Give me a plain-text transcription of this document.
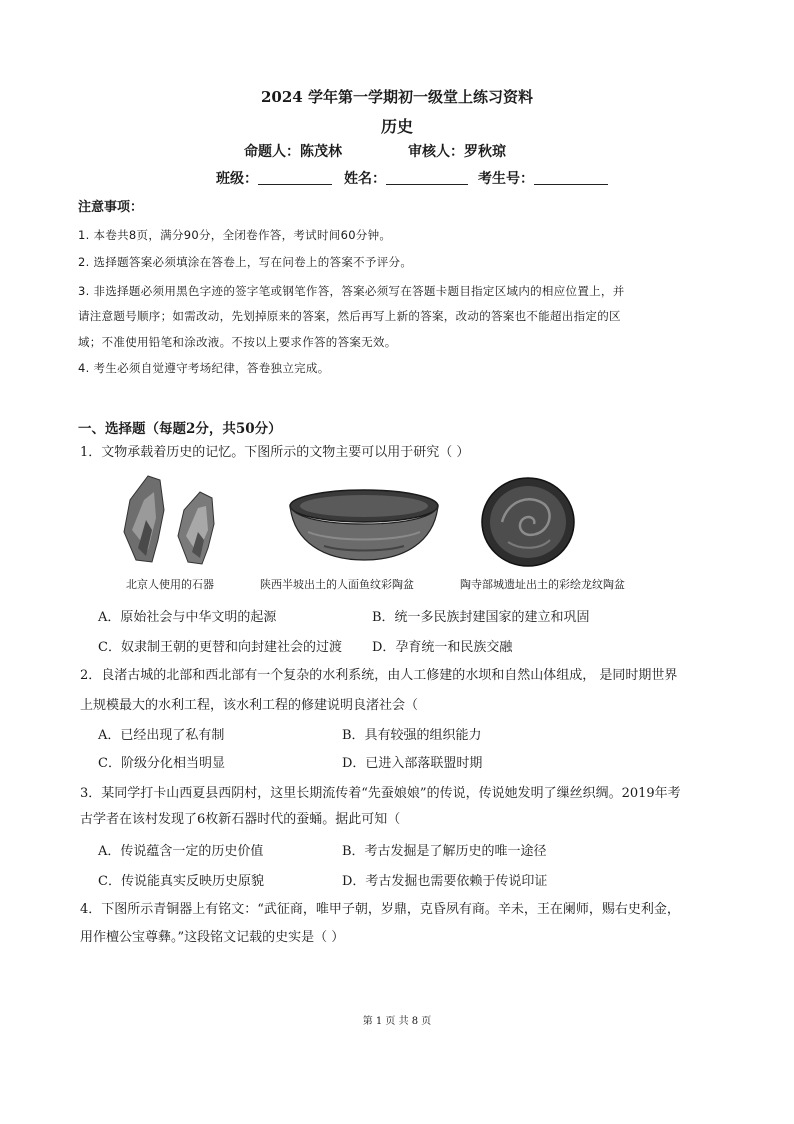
2024 学年第一学期初一级堂上练习资料
历史
命题人：陈茂林	审核人：罗秋琼
班级：	姓名：	考生号：
注意事项：
1. 本卷共8页，满分90分，全闭卷作答，考试时间60分钟。
2. 选择题答案必须填涂在答卷上，写在问卷上的答案不予评分。
3. 非选择题必须用黑色字迹的签字笔或钢笔作答，答案必须写在答题卡题目指定区域内的相应位置上，并
请注意题号顺序；如需改动，先划掉原来的答案，然后再写上新的答案，改动的答案也不能超出指定的区
域；不准使用铅笔和涂改液。不按以上要求作答的答案无效。
4. 考生必须自觉遵守考场纪律，答卷独立完成。
一、选择题（每题2分，共50分）
1．文物承载着历史的记忆。下图所示的文物主要可以用于研究（ ）
北京人使用的石器	陕西半坡出土的人面鱼纹彩陶盆	陶寺部城遗址出土的彩绘龙纹陶盆
A．原始社会与中华文明的起源	B．统一多民族封建国家的建立和巩固
C．奴隶制王朝的更替和向封建社会的过渡 D．孕育统一和民族交融
2．良渚古城的北部和西北部有一个复杂的水利系统，由人工修建的水坝和自然山体组成， 是同时期世界
上规模最大的水利工程，该水利工程的修建说明良渚社会（
A．已经出现了私有制	B．具有较强的组织能力
C．阶级分化相当明显	D．已进入部落联盟时期
3．某同学打卡山西夏县西阴村，这里长期流传着“先蚕娘娘”的传说，传说她发明了缫丝织绸。2019年考
古学者在该村发现了6枚新石器时代的蚕蛹。据此可知（
A．传说蕴含一定的历史价值	B．考古发掘是了解历史的唯一途径
C．传说能真实反映历史原貌	D．考古发掘也需要依赖于传说印证
4．下图所示青铜器上有铭文：“武征商，唯甲子朝，岁鼎，克昏夙有商。辛未，王在阑师，赐右史利金，
用作檀公宝尊彝。”这段铭文记载的史实是（ ）
第 1 页 共 8 页
